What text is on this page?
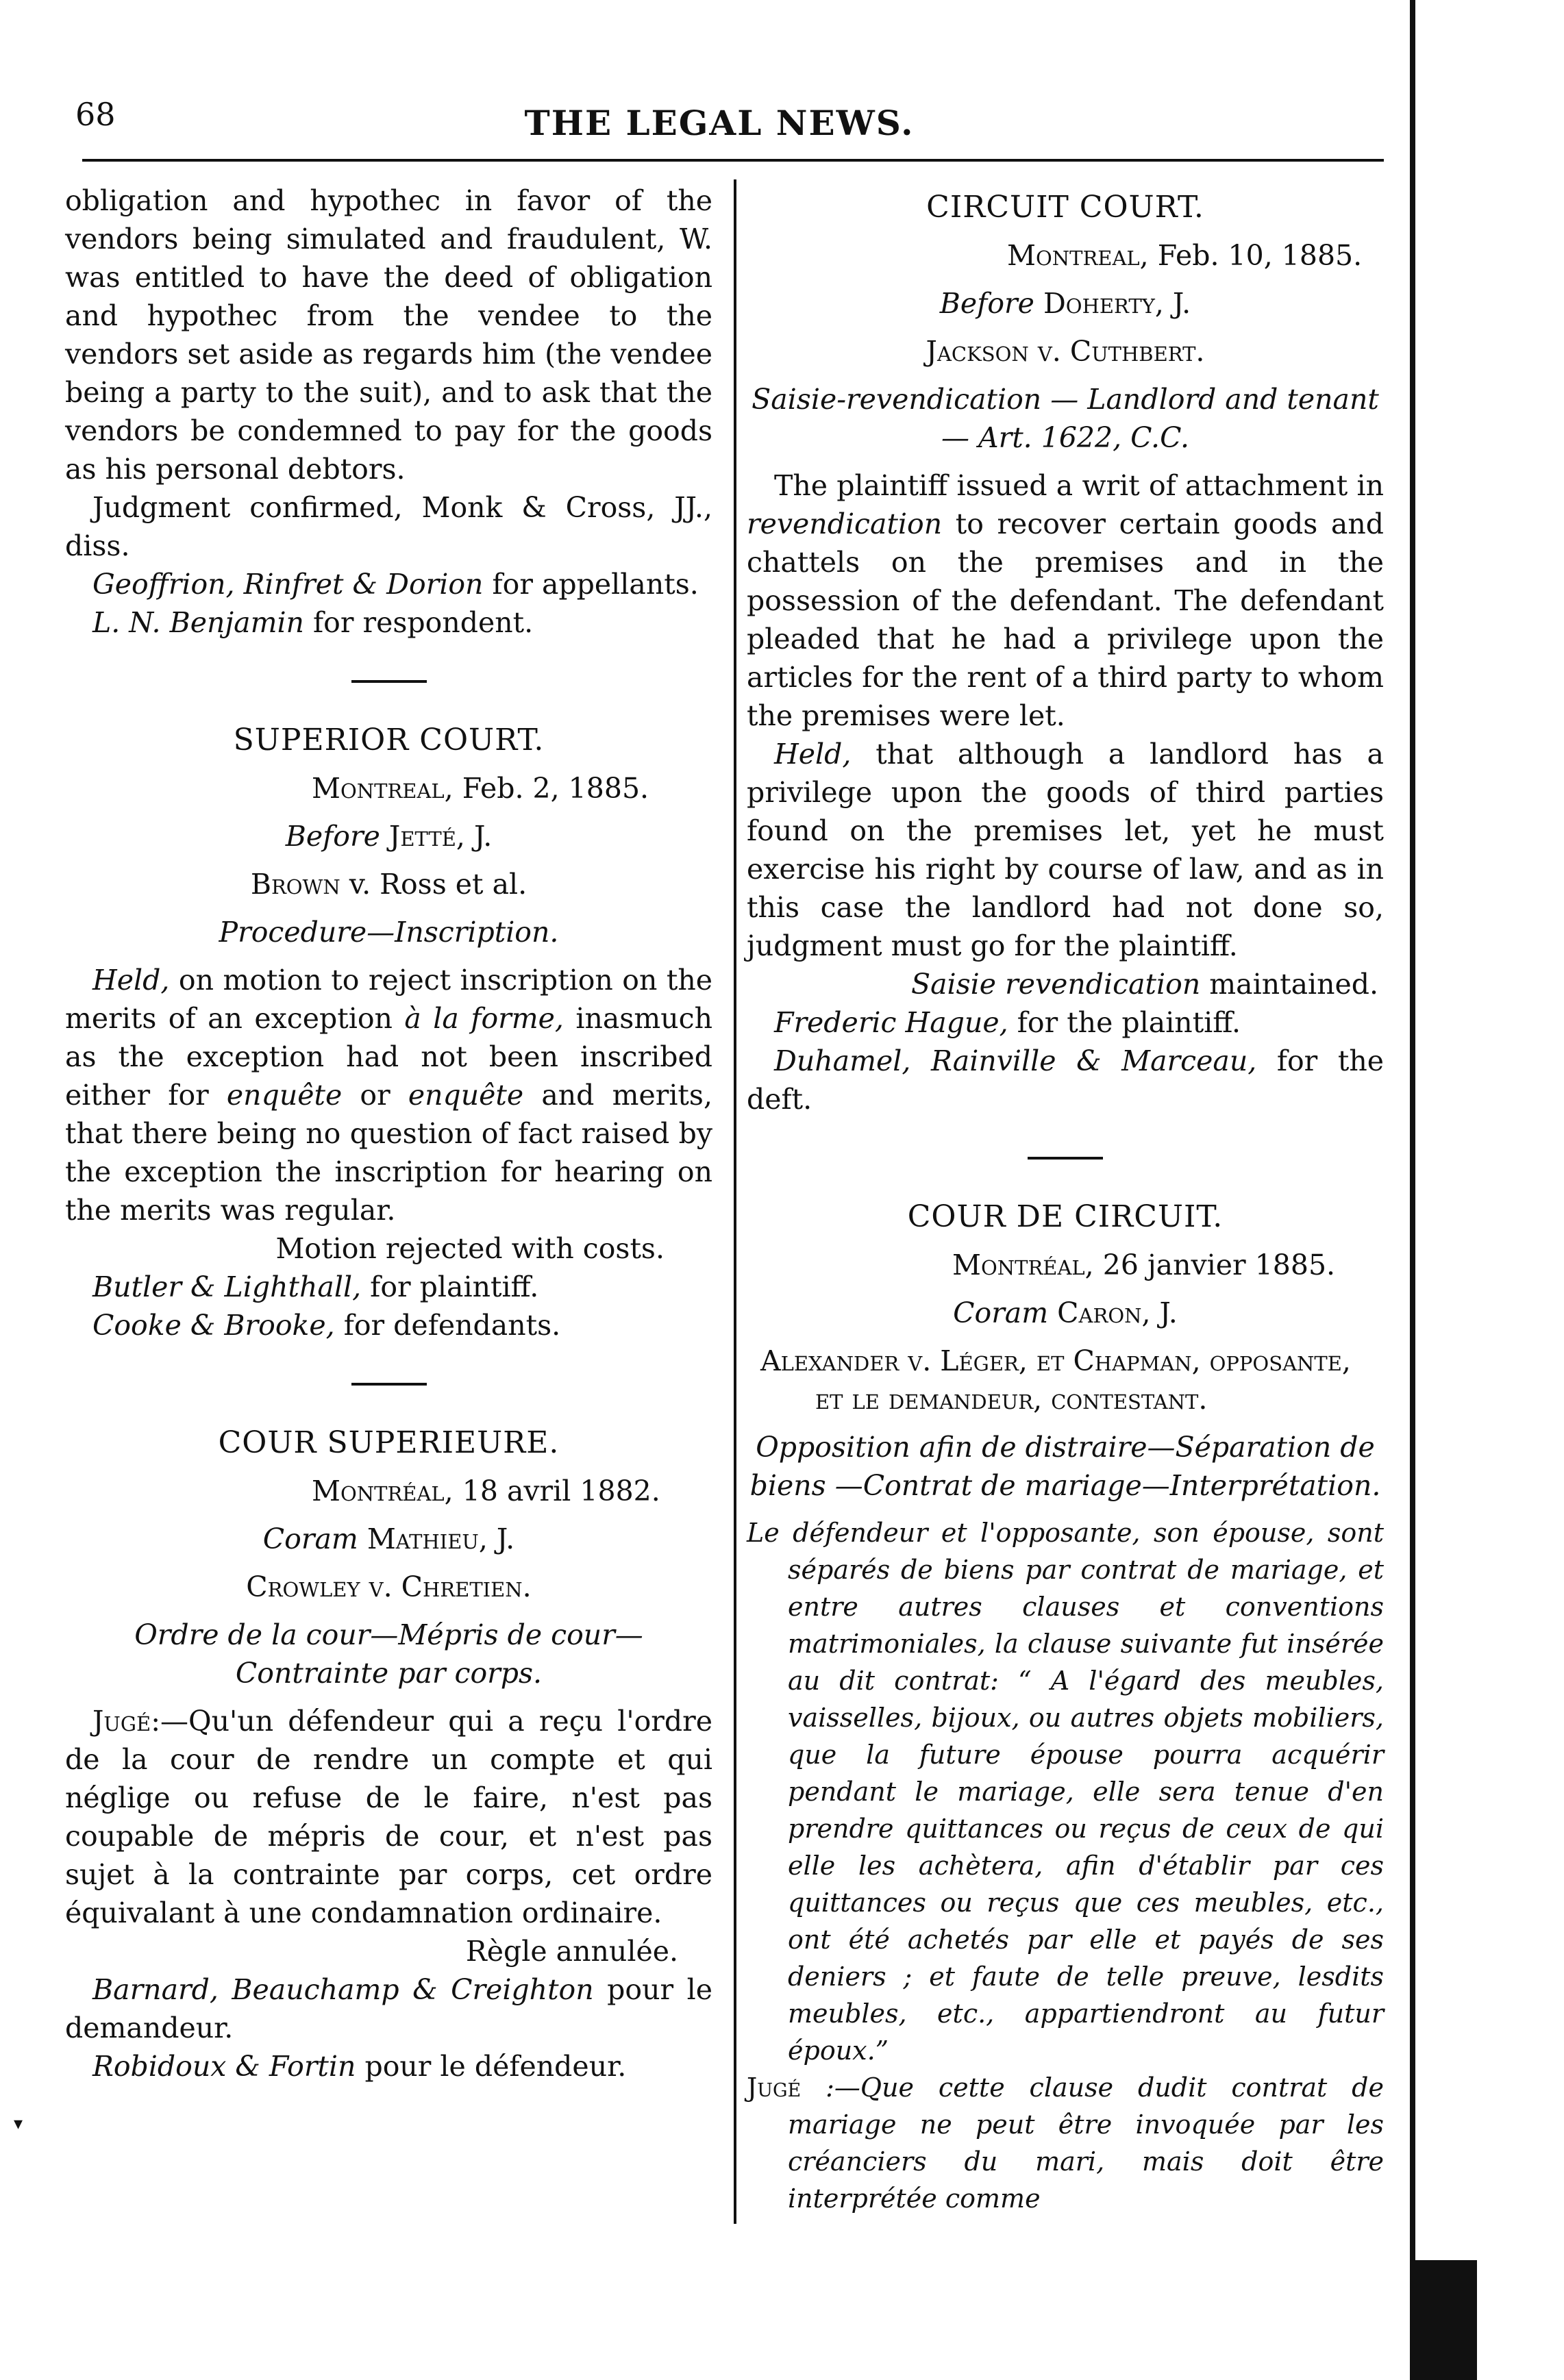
▾
68	THE LEGAL NEWS.

obligation and hypothec in favor of the vendors being simulated and fraudulent, W. was entitled to have the deed of obligation and hypothec from the vendee to the vendors set aside as regards him (the vendee being a party to the suit), and to ask that the vendors be condemned to pay for the goods as his personal debtors.

Judgment confirmed, Monk & Cross, JJ., diss.

Geoffrion, Rinfret & Dorion for appellants.

L. N. Benjamin for respondent.

SUPERIOR COURT.

Montreal, Feb. 2, 1885.

Before Jetté, J.

Brown v. Ross et al.

Procedure—Inscription.

Held, on motion to reject inscription on the merits of an exception à la forme, inasmuch as the exception had not been inscribed either for enquête or enquête and merits, that there being no question of fact raised by the exception the inscription for hearing on the merits was regular.

Motion rejected with costs.

Butler & Lighthall, for plaintiff.

Cooke & Brooke, for defendants.

COUR SUPERIEURE.

Montréal, 18 avril 1882.

Coram Mathieu, J.

Crowley v. Chretien.

Ordre de la cour—Mépris de cour—Contrainte par corps.

Jugé:—Qu'un défendeur qui a reçu l'ordre de la cour de rendre un compte et qui néglige ou refuse de le faire, n'est pas coupable de mépris de cour, et n'est pas sujet à la contrainte par corps, cet ordre équivalant à une condamnation ordinaire.

Règle annulée.

Barnard, Beauchamp & Creighton pour le demandeur.

Robidoux & Fortin pour le défendeur.

CIRCUIT COURT.

Montreal, Feb. 10, 1885.

Before Doherty, J.

Jackson v. Cuthbert.

Saisie-revendication — Landlord and tenant— Art. 1622, C.C.

The plaintiff issued a writ of attachment in revendication to recover certain goods and chattels on the premises and in the possession of the defendant. The defendant pleaded that he had a privilege upon the articles for the rent of a third party to whom the premises were let.

Held, that although a landlord has a privilege upon the goods of third parties found on the premises let, yet he must exercise his right by course of law, and as in this case the landlord had not done so, judgment must go for the plaintiff.

Saisie revendication maintained.

Frederic Hague, for the plaintiff.

Duhamel, Rainville & Marceau, for the deft.

COUR DE CIRCUIT.

Montréal, 26 janvier 1885.

Coram Caron, J.

Alexander v. Léger, et Chapman, opposante, et le demandeur, contestant.

Opposition afin de distraire—Séparation de biens —Contrat de mariage—Interprétation.

Le défendeur et l'opposante, son épouse, sont séparés de biens par contrat de mariage, et entre autres clauses et conventions matrimoniales, la clause suivante fut insérée au dit contrat: “ A l'égard des meubles, vaisselles, bijoux, ou autres objets mobiliers, que la future épouse pourra acquérir pendant le mariage, elle sera tenue d'en prendre quittances ou reçus de ceux de qui elle les achètera, afin d'établir par ces quittances ou reçus que ces meubles, etc., ont été achetés par elle et payés de ses deniers ; et faute de telle preuve, lesdits meubles, etc., appartiendront au futur époux.”

Jugé :—Que cette clause dudit contrat de mariage ne peut être invoquée par les créanciers du mari, mais doit être interprétée comme
